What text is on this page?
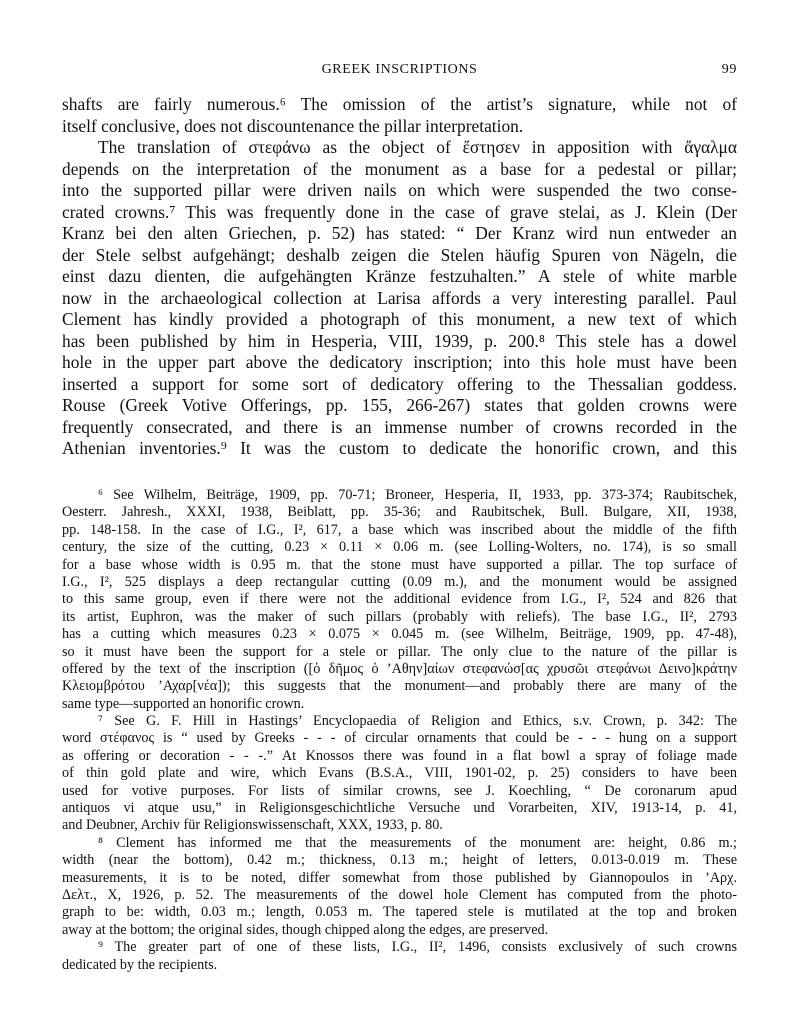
GREEK INSCRIPTIONS	99
shafts are fairly numerous.⁶ The omission of the artist’s signature, while not of
itself conclusive, does not discountenance the pillar interpretation.
The translation of στεφάνω as the object of ἔστησεν in apposition with ἄγαλμα
depends on the interpretation of the monument as a base for a pedestal or pillar;
into the supported pillar were driven nails on which were suspended the two conse-
crated crowns.⁷ This was frequently done in the case of grave stelai, as J. Klein (Der
Kranz bei den alten Griechen, p. 52) has stated: “ Der Kranz wird nun entweder an
der Stele selbst aufgehängt; deshalb zeigen die Stelen häufig Spuren von Nägeln, die
einst dazu dienten, die aufgehängten Kränze festzuhalten.” A stele of white marble
now in the archaeological collection at Larisa affords a very interesting parallel. Paul
Clement has kindly provided a photograph of this monument, a new text of which
has been published by him in Hesperia, VIII, 1939, p. 200.⁸ This stele has a dowel
hole in the upper part above the dedicatory inscription; into this hole must have been
inserted a support for some sort of dedicatory offering to the Thessalian goddess.
Rouse (Greek Votive Offerings, pp. 155, 266-267) states that golden crowns were
frequently consecrated, and there is an immense number of crowns recorded in the
Athenian inventories.⁹ It was the custom to dedicate the honorific crown, and this
⁶ See Wilhelm, Beiträge, 1909, pp. 70-71; Broneer, Hesperia, II, 1933, pp. 373-374; Raubitschek,
Oesterr. Jahresh., XXXI, 1938, Beiblatt, pp. 35-36; and Raubitschek, Bull. Bulgare, XII, 1938,
pp. 148-158. In the case of I.G., I², 617, a base which was inscribed about the middle of the fifth
century, the size of the cutting, 0.23 × 0.11 × 0.06 m. (see Lolling-Wolters, no. 174), is so small
for a base whose width is 0.95 m. that the stone must have supported a pillar. The top surface of
I.G., I², 525 displays a deep rectangular cutting (0.09 m.), and the monument would be assigned
to this same group, even if there were not the additional evidence from I.G., I², 524 and 826 that
its artist, Euphron, was the maker of such pillars (probably with reliefs). The base I.G., II², 2793
has a cutting which measures 0.23 × 0.075 × 0.045 m. (see Wilhelm, Beiträge, 1909, pp. 47-48),
so it must have been the support for a stele or pillar. The only clue to the nature of the pillar is
offered by the text of the inscription ([ὁ δῆμος ὁ ’Αθην]αίων στεφανώσ[ας χρυσῶι στεφάνωι Δεινο]κράτην
Κλειομβρότου ’Αχαρ[νέα]); this suggests that the monument—and probably there are many of the
same type—supported an honorific crown.
⁷ See G. F. Hill in Hastings’ Encyclopaedia of Religion and Ethics, s.v. Crown, p. 342: The
word στέφανος is “ used by Greeks - - - of circular ornaments that could be - - - hung on a support
as offering or decoration - - -.” At Knossos there was found in a flat bowl a spray of foliage made
of thin gold plate and wire, which Evans (B.S.A., VIII, 1901-02, p. 25) considers to have been
used for votive purposes. For lists of similar crowns, see J. Koechling, “ De coronarum apud
antiquos vi atque usu,” in Religionsgeschichtliche Versuche und Vorarbeiten, XIV, 1913-14, p. 41,
and Deubner, Archiv für Religionswissenschaft, XXX, 1933, p. 80.
⁸ Clement has informed me that the measurements of the monument are: height, 0.86 m.;
width (near the bottom), 0.42 m.; thickness, 0.13 m.; height of letters, 0.013-0.019 m. These
measurements, it is to be noted, differ somewhat from those published by Giannopoulos in ’Αρχ.
Δελτ., X, 1926, p. 52. The measurements of the dowel hole Clement has computed from the photo-
graph to be: width, 0.03 m.; length, 0.053 m. The tapered stele is mutilated at the top and broken
away at the bottom; the original sides, though chipped along the edges, are preserved.
⁹ The greater part of one of these lists, I.G., II², 1496, consists exclusively of such crowns
dedicated by the recipients.
